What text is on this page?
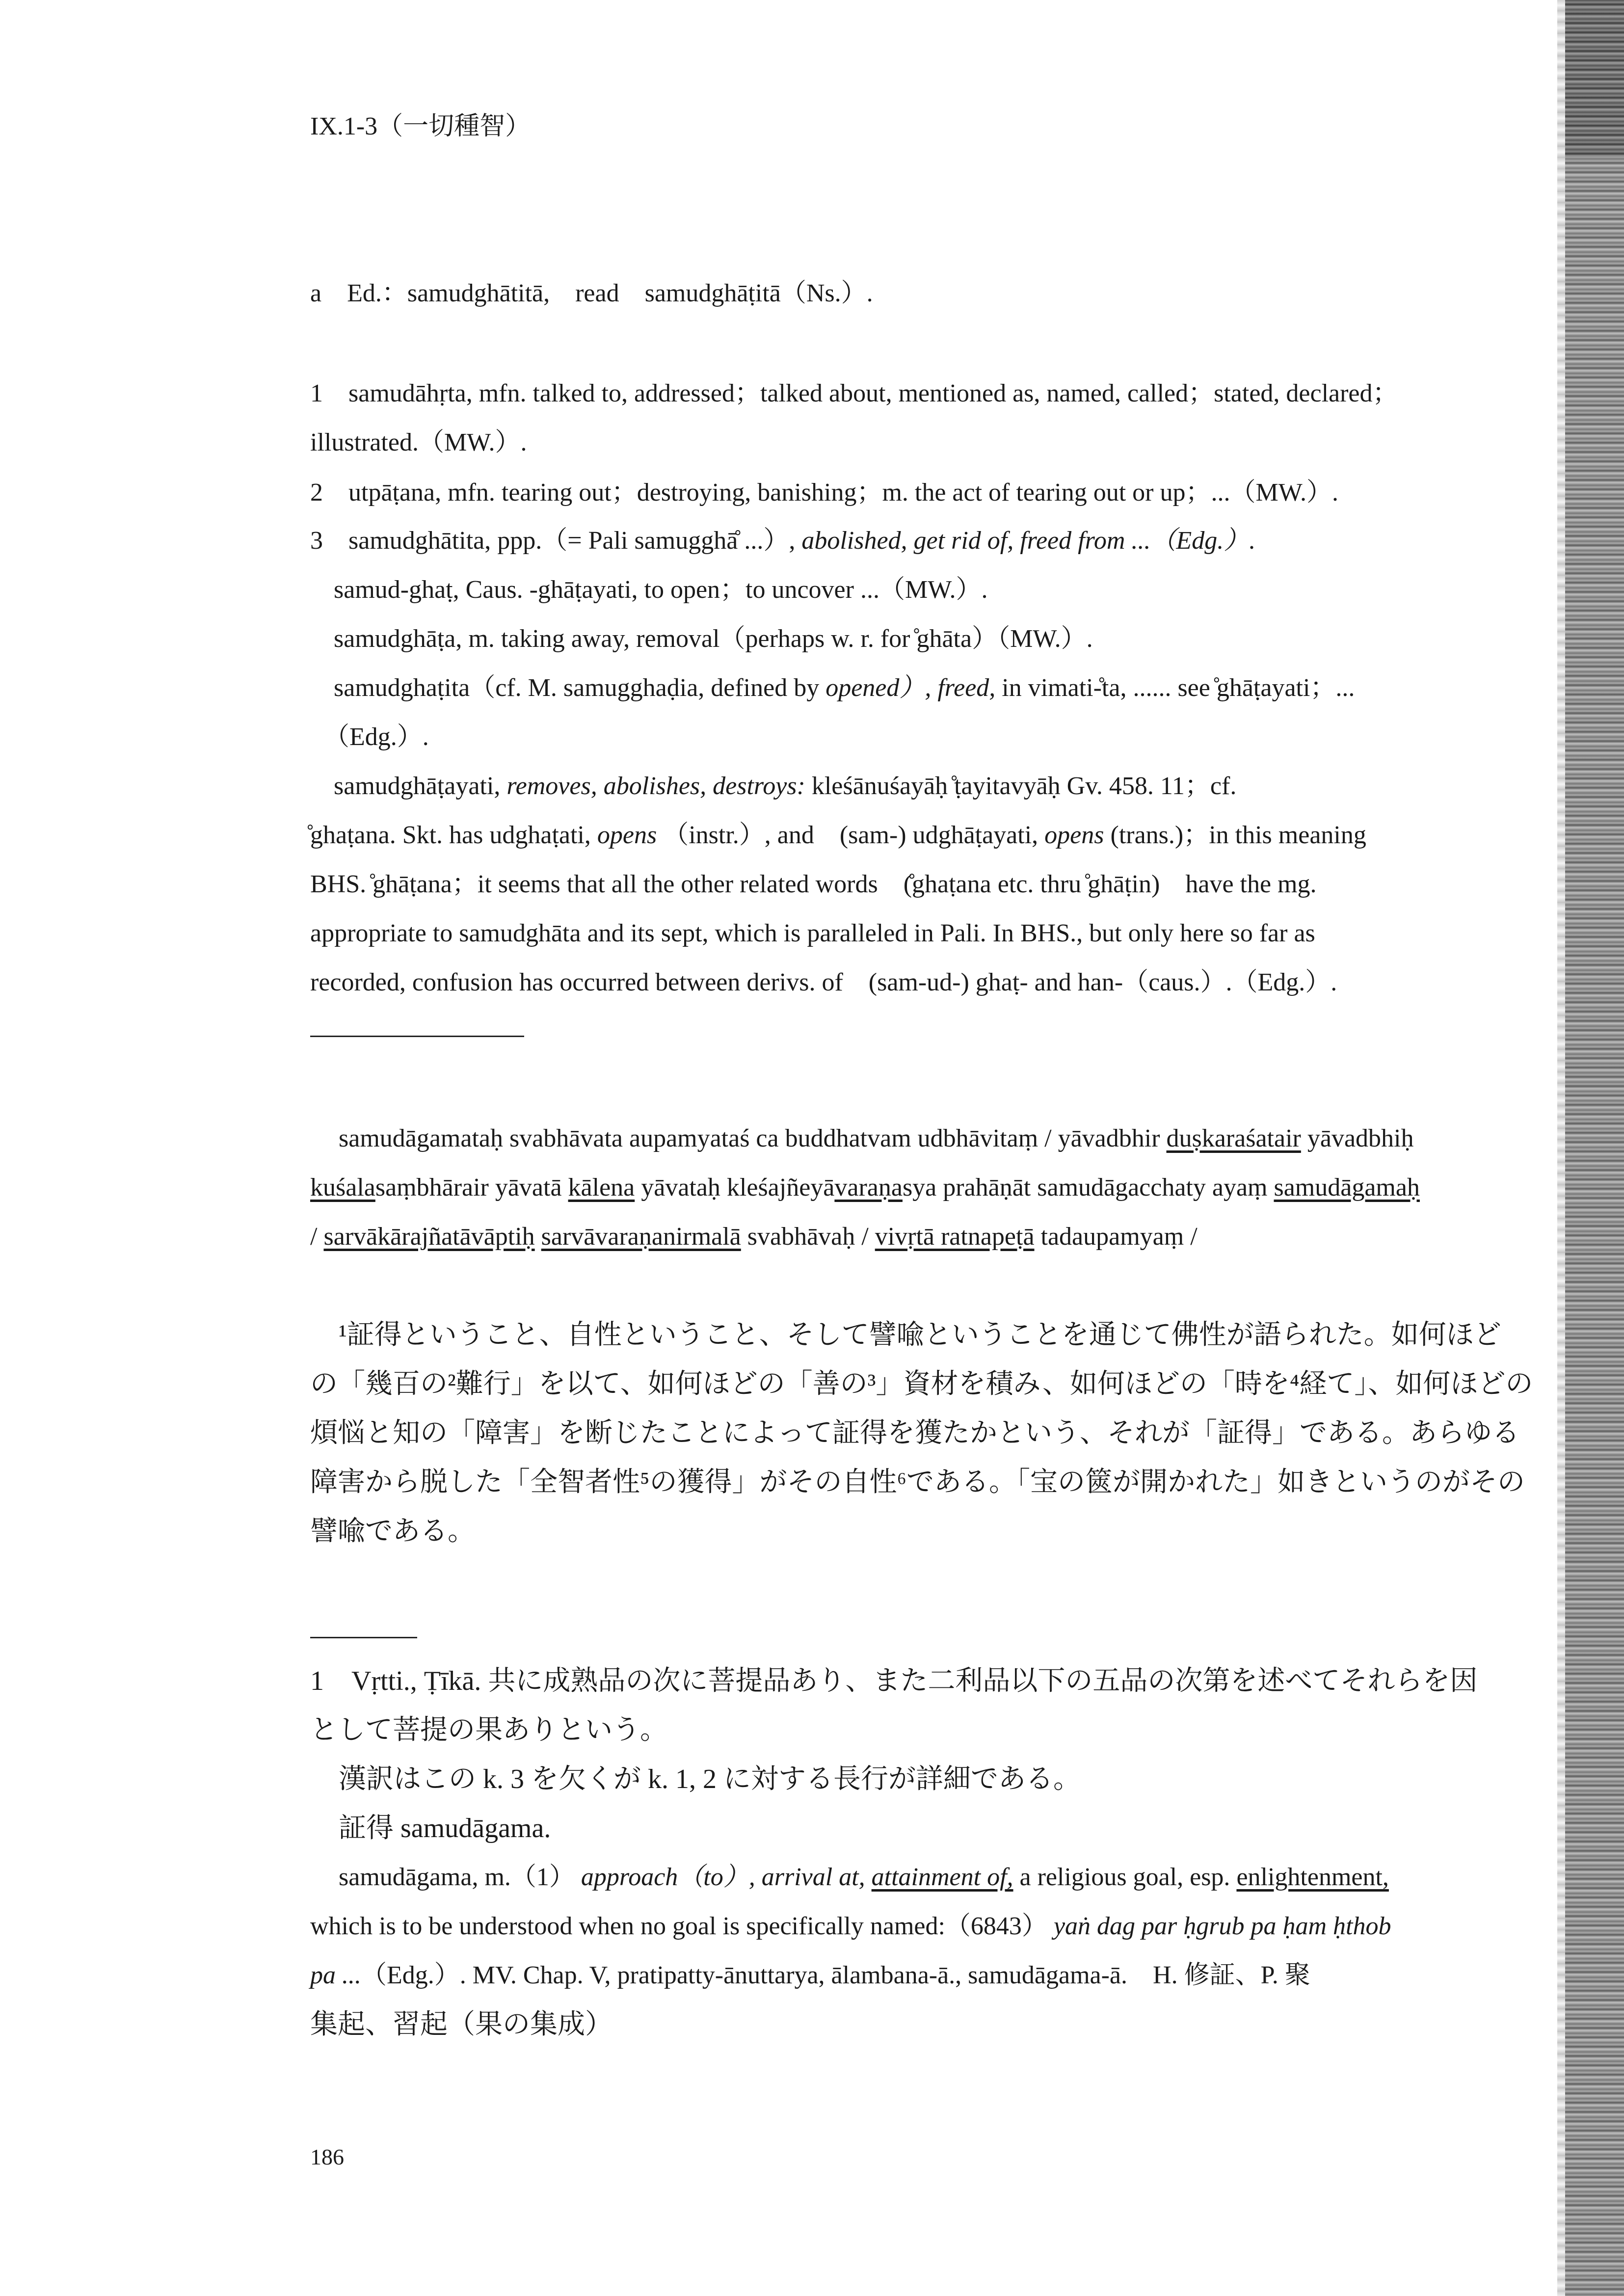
IX.1-3（一切種智）
a　Ed.：samudghātitā,　read　samudghāṭitā（Ns.）.
1　samudāhṛta, mfn. talked to, addressed；talked about, mentioned as, named, called；stated, declared；
illustrated.（MW.）.
2　utpāṭana, mfn. tearing out；destroying, banishing；m. the act of tearing out or up；...（MW.）.
3　samudghātita, ppp.（= Pali samugghā̊ ...）, abolished, get rid of, freed from ...（Edg.）.
samud-ghaṭ, Caus. -ghāṭayati, to open；to uncover ...（MW.）.
samudghāṭa, m. taking away, removal（perhaps w. r. for ̊ghāta）（MW.）.
samudghaṭita（cf. M. samugghaḍia, defined by opened）, freed, in vimati-̊ta, ...... see ̊ghāṭayati；...
（Edg.）.
samudghāṭayati, removes, abolishes, destroys: kleśānuśayāḥ ̊ṭayitavyāḥ Gv. 458. 11；cf.
̊ghaṭana. Skt. has udghaṭati, opens （instr.）, and　(sam-) udghāṭayati, opens (trans.)；in this meaning
BHS. ̊ghāṭana；it seems that all the other related words　(̊ghaṭana etc. thru ̊ghāṭin)　have the mg.
appropriate to samudghāta and its sept, which is paralleled in Pali. In BHS., but only here so far as
recorded, confusion has occurred between derivs. of　(sam-ud-) ghaṭ- and han-（caus.）.（Edg.）.
samudāgamataḥ svabhāvata aupamyataś ca buddhatvam udbhāvitaṃ / yāvadbhir duṣkaraśatair yāvadbhiḥ
kuśalasaṃbhārair yāvatā kālena yāvataḥ kleśajñeyāvaraṇasya prahāṇāt samudāgacchaty ayaṃ samudāgamaḥ
/ sarvākārajñatāvāptiḥ sarvāvaraṇanirmalā svabhāvaḥ / vivṛtā ratnapeṭā tadaupamyaṃ /
¹証得ということ、自性ということ、そして譬喩ということを通じて佛性が語られた。如何ほど
の「幾百の²難行」を以て、如何ほどの「善の³」資材を積み、如何ほどの「時を⁴経て」、如何ほどの
煩悩と知の「障害」を断じたことによって証得を獲たかという、それが「証得」である。あらゆる
障害から脱した「全智者性⁵の獲得」がその自性⁶である。「宝の篋が開かれた」如きというのがその
譬喩である。
1　Vṛtti., Ṭīkā. 共に成熟品の次に菩提品あり、また二利品以下の五品の次第を述べてそれらを因
として菩提の果ありという。
漢訳はこの k. 3 を欠くが k. 1, 2 に対する長行が詳細である。
証得 samudāgama.
samudāgama, m.（1） approach（to）, arrival at, attainment of, a religious goal, esp. enlightenment,
which is to be understood when no goal is specifically named:（6843） yaṅ dag par ḥgrub pa ḥam ḥthob
pa ...（Edg.）. MV. Chap. V, pratipatty-ānuttarya, ālambana-ā., samudāgama-ā.　H. 修証、P. 聚
集起、習起（果の集成）
186
